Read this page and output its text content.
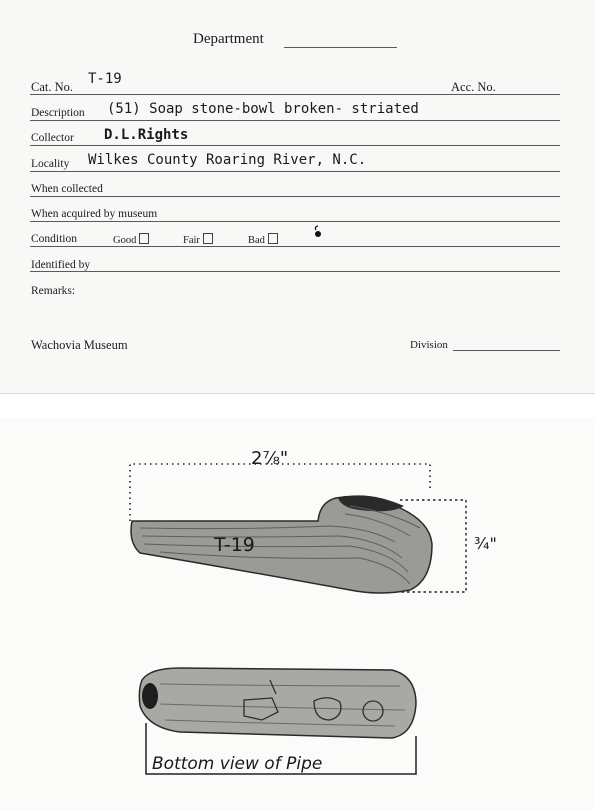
Department
Cat. No. T-19	Acc. No.
Description (51) Soap stone-bowl broken- striated
Collector D.L.Rights
Locality Wilkes County Roaring River, N.C.
When collected
When acquired by museum
Condition	Good	Fair	Bad
Identified by
Remarks:
Wachovia Museum	Division
2⅞"
¾"
T-19
Bottom view of Pipe
